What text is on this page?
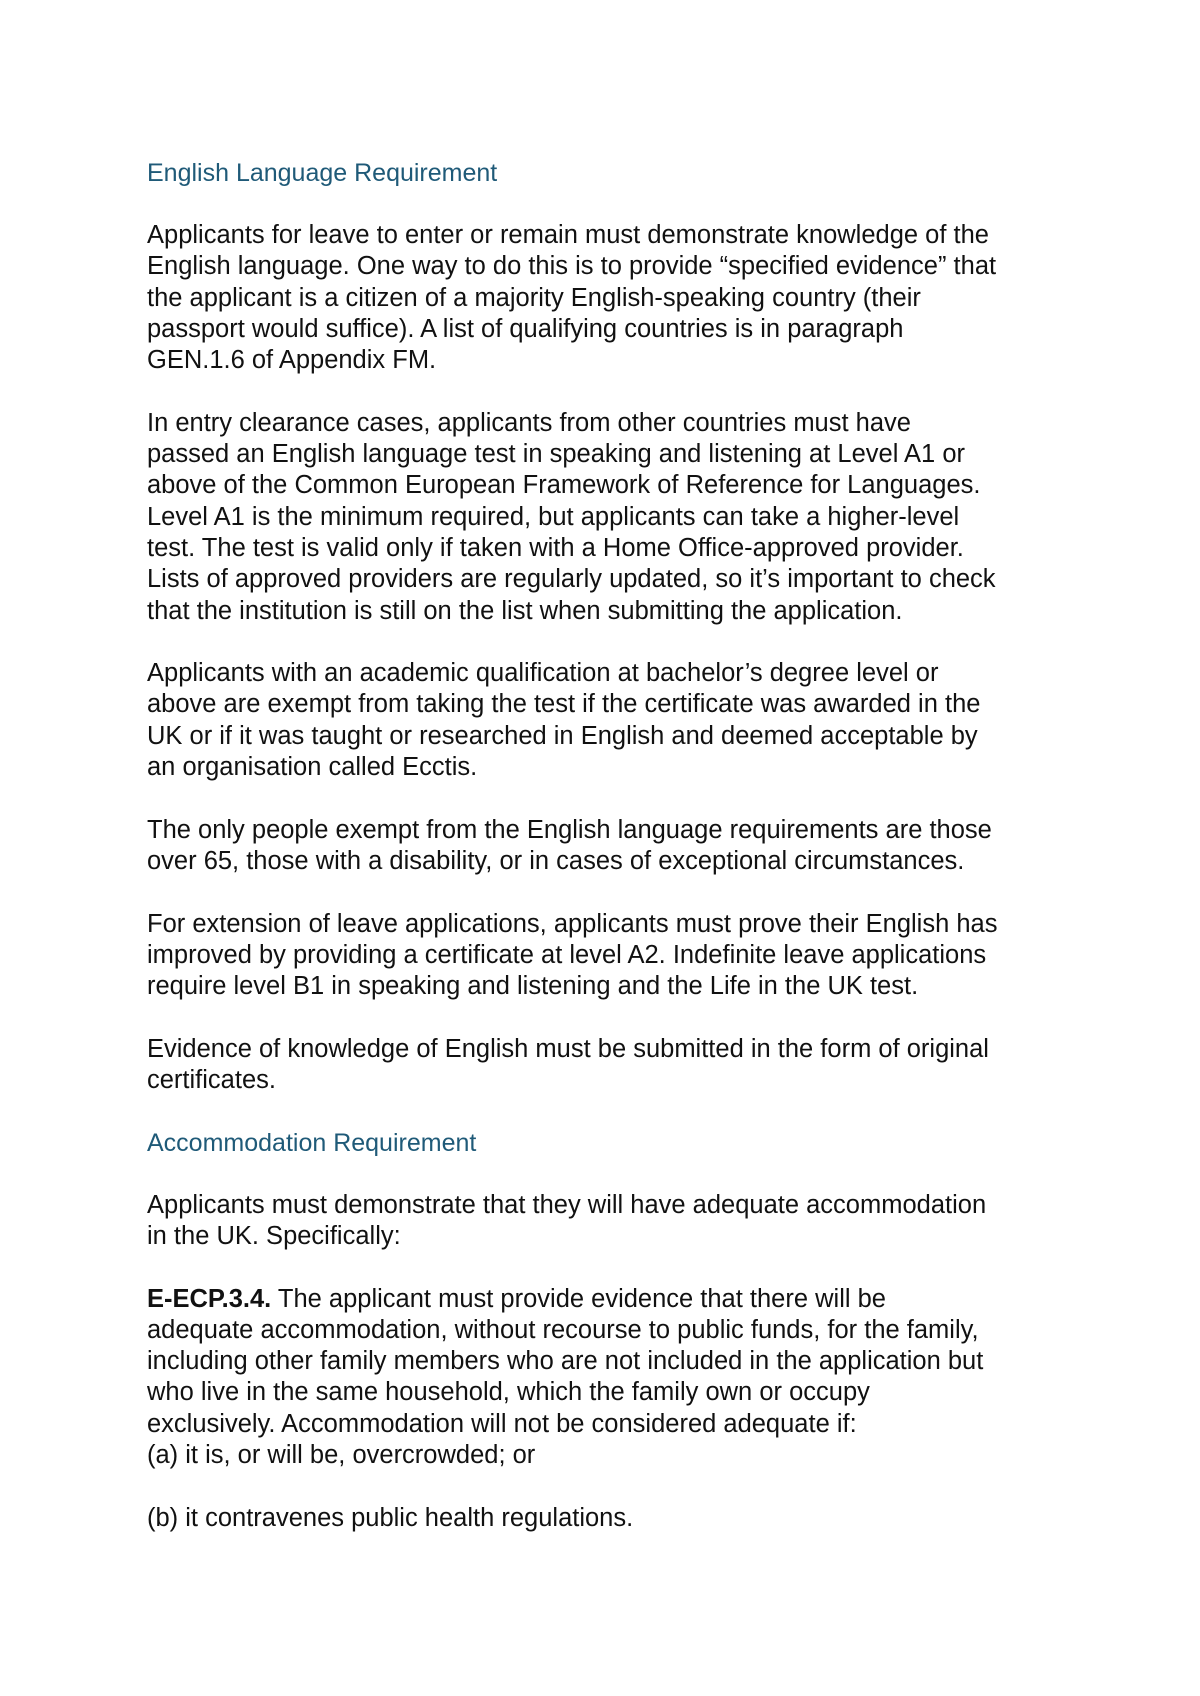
English Language Requirement
Applicants for leave to enter or remain must demonstrate knowledge of the
English language. One way to do this is to provide “specified evidence” that
the applicant is a citizen of a majority English-speaking country (their
passport would suffice). A list of qualifying countries is in paragraph
GEN.1.6 of Appendix FM.
In entry clearance cases, applicants from other countries must have
passed an English language test in speaking and listening at Level A1 or
above of the Common European Framework of Reference for Languages.
Level A1 is the minimum required, but applicants can take a higher-level
test. The test is valid only if taken with a Home Office-approved provider.
Lists of approved providers are regularly updated, so it’s important to check
that the institution is still on the list when submitting the application.
Applicants with an academic qualification at bachelor’s degree level or
above are exempt from taking the test if the certificate was awarded in the
UK or if it was taught or researched in English and deemed acceptable by
an organisation called Ecctis.
The only people exempt from the English language requirements are those
over 65, those with a disability, or in cases of exceptional circumstances.
For extension of leave applications, applicants must prove their English has
improved by providing a certificate at level A2. Indefinite leave applications
require level B1 in speaking and listening and the Life in the UK test.
Evidence of knowledge of English must be submitted in the form of original
certificates.
Accommodation Requirement
Applicants must demonstrate that they will have adequate accommodation
in the UK. Specifically:
E-ECP.3.4. The applicant must provide evidence that there will be
adequate accommodation, without recourse to public funds, for the family,
including other family members who are not included in the application but
who live in the same household, which the family own or occupy
exclusively. Accommodation will not be considered adequate if:
(a) it is, or will be, overcrowded; or
(b) it contravenes public health regulations.
